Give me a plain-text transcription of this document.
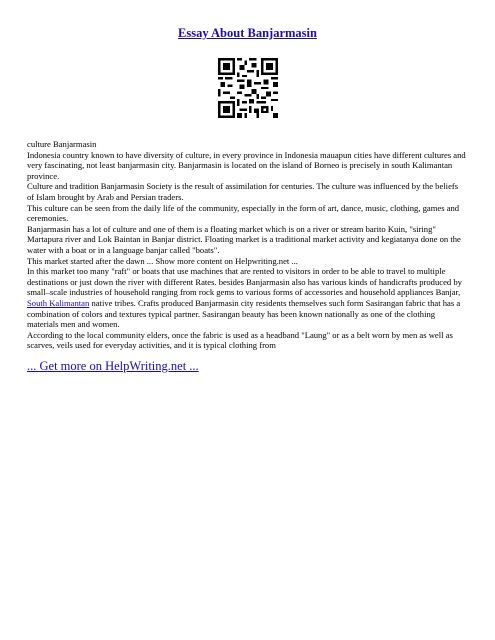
Essay About Banjarmasin

culture Banjarmasin

Indonesia country known to have diversity of culture, in every province in Indonesia mauapun cities have different cultures and very fascinating, not least banjarmasin city. Banjarmasin is located on the island of Borneo is precisely in south Kalimantan province.

Culture and tradition Banjarmasin Society is the result of assimilation for centuries. The culture was influenced by the beliefs of Islam brought by Arab and Persian traders.

This culture can be seen from the daily life of the community, especially in the form of art, dance, music, clothing, games and ceremonies.

Banjarmasin has a lot of culture and one of them is a floating market which is on a river or stream barito Kuin, "siring" Martapura river and Lok Baintan in Banjar district. Floating market is a traditional market activity and kegiatanya done on the water with a boat or in a language banjar called "boats".

This market started after the dawn ... Show more content on Helpwriting.net ...

In this market too many "raft" or boats that use machines that are rented to visitors in order to be able to travel to multiple destinations or just down the river with different Rates. besides Banjarmasin also has various kinds of handicrafts produced by small–scale industries of household ranging from rock gems to various forms of accessories and household appliances Banjar, South Kalimantan native tribes. Crafts produced Banjarmasin city residents themselves such form Sasirangan fabric that has a combination of colors and textures typical partner. Sasirangan beauty has been known nationally as one of the clothing materials men and women.

According to the local community elders, once the fabric is used as a headband "Laung" or as a belt worn by men as well as scarves, veils used for everyday activities, and it is typical clothing from

... Get more on HelpWriting.net ...
